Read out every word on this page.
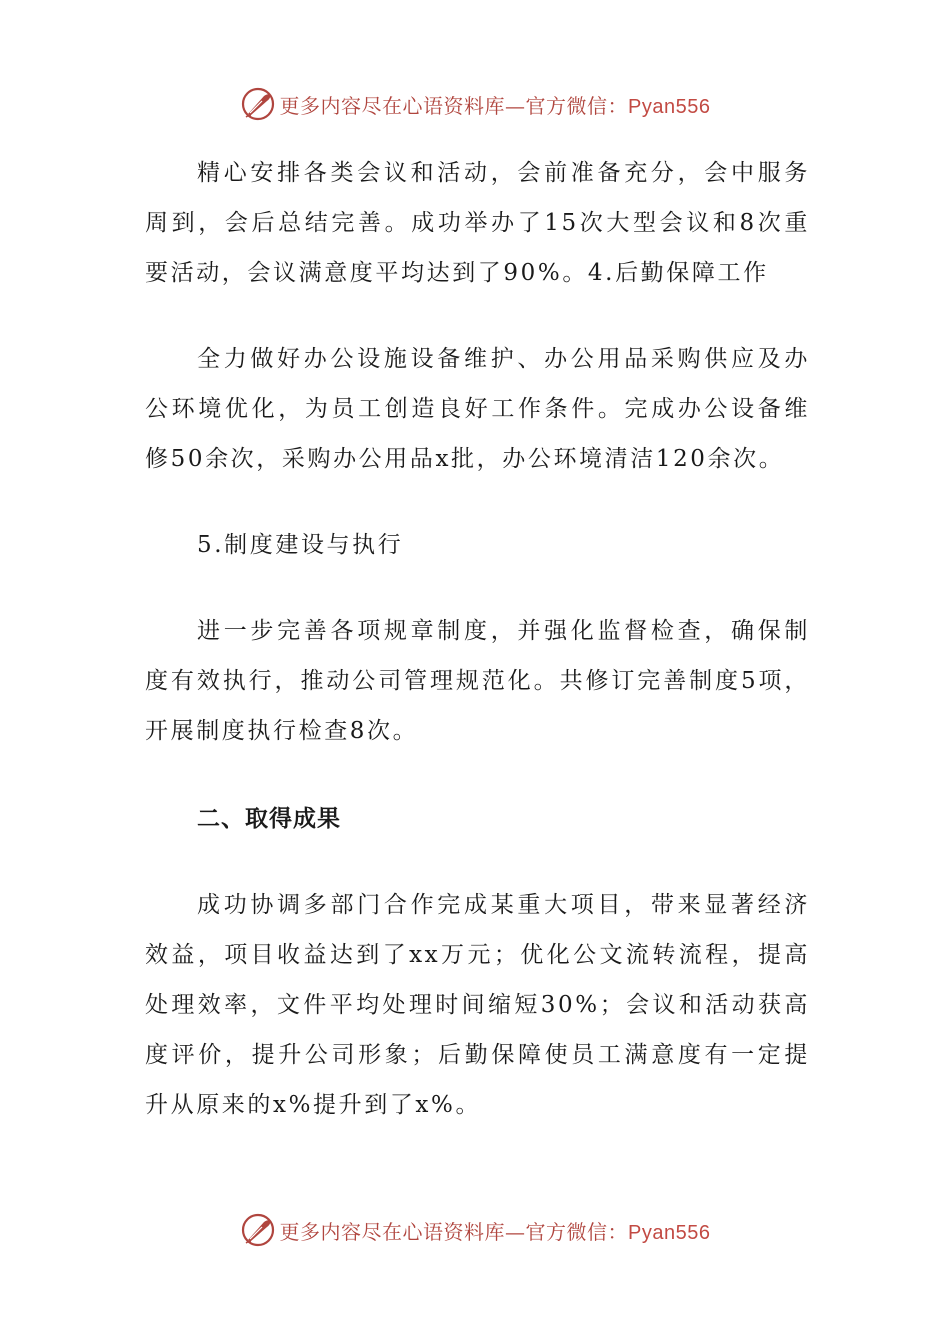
更多内容尽在心语资料库—官方微信：Pyan556

精心安排各类会议和活动，会前准备充分，会中服务周到，会后总结完善。成功举办了15次大型会议和8次重要活动，会议满意度平均达到了90%。4.后勤保障工作

全力做好办公设施设备维护、办公用品采购供应及办公环境优化，为员工创造良好工作条件。完成办公设备维修50余次，采购办公用品x批，办公环境清洁120余次。

5.制度建设与执行

进一步完善各项规章制度，并强化监督检查，确保制度有效执行，推动公司管理规范化。共修订完善制度5项，开展制度执行检查8次。

二、取得成果

成功协调多部门合作完成某重大项目，带来显著经济效益，项目收益达到了xx万元；优化公文流转流程，提高处理效率，文件平均处理时间缩短30%；会议和活动获高度评价，提升公司形象；后勤保障使员工满意度有一定提升从原来的x%提升到了x%。

更多内容尽在心语资料库—官方微信：Pyan556
